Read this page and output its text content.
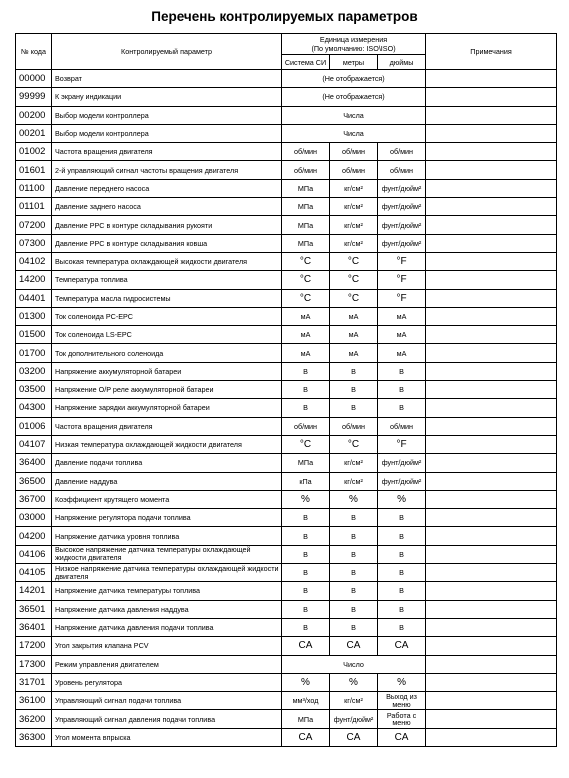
Перечень контролируемых параметров
№ кода	Контролируемый параметр	Единица измерения
(По умолчанию: ISO\ISO)			Примечания
		Система СИ	метры	дюймы	
00000	Возврат	(Не отображается)			
99999	К экрану индикации	(Не отображается)			
00200	Выбор модели контроллера	Числа			
00201	Выбор модели контроллера	Числа			
01002	Частота вращения двигателя	об/мин	об/мин	об/мин	
01601	2-й управляющий сигнал частоты вращения двигателя	об/мин	об/мин	об/мин	
01100	Давление переднего насоса	МПа	кг/см²	фунт/дюйм²	
01101	Давление заднего насоса	МПа	кг/см²	фунт/дюйм²	
07200	Давление PPC в контуре складывания рукояти	МПа	кг/см²	фунт/дюйм²	
07300	Давление PPC в контуре складывания ковша	МПа	кг/см²	фунт/дюйм²	
04102	Высокая температура охлаждающей жидкости двигателя	°C	°C	°F	
14200	Температура топлива	°C	°C	°F	
04401	Температура масла гидросистемы	°C	°C	°F	
01300	Ток соленоида PC-EPC	мА	мА	мА	
01500	Ток соленоида LS-EPC	мА	мА	мА	
01700	Ток дополнительного соленоида	мА	мА	мА	
03200	Напряжение аккумуляторной батареи	В	В	В	
03500	Напряжение O/P реле аккумуляторной батареи	В	В	В	
04300	Напряжение зарядки аккумуляторной батареи	В	В	В	
01006	Частота вращения двигателя	об/мин	об/мин	об/мин	
04107	Низкая температура охлаждающей жидкости двигателя	°C	°C	°F	
36400	Давление подачи топлива	МПа	кг/см²	фунт/дюйм²	
36500	Давление наддува	кПа	кг/см²	фунт/дюйм²	
36700	Коэффициент крутящего момента	%	%	%	
03000	Напряжение регулятора подачи топлива	В	В	В	
04200	Напряжение датчика уровня топлива	В	В	В	
04106	Высокое напряжение датчика температуры охлаждающей жидкости двигателя	В	В	В	
04105	Низкое напряжение датчика температуры охлаждающей жидкости двигателя	В	В	В	
14201	Напряжение датчика температуры топлива	В	В	В	
36501	Напряжение датчика давления наддува	В	В	В	
36401	Напряжение датчика давления подачи топлива	В	В	В	
17200	Угол закрытия клапана PCV	CA	CA	CA	
17300	Режим управления двигателем	Число			
31701	Уровень регулятора	%	%	%	
36100	Управляющий сигнал подачи топлива	мм³/ход	кг/см²	Выход из меню	
36200	Управляющий сигнал давления подачи топлива	МПа	фунт/дюйм²	Работа с меню	
36300	Угол момента впрыска	CA	CA	CA	
